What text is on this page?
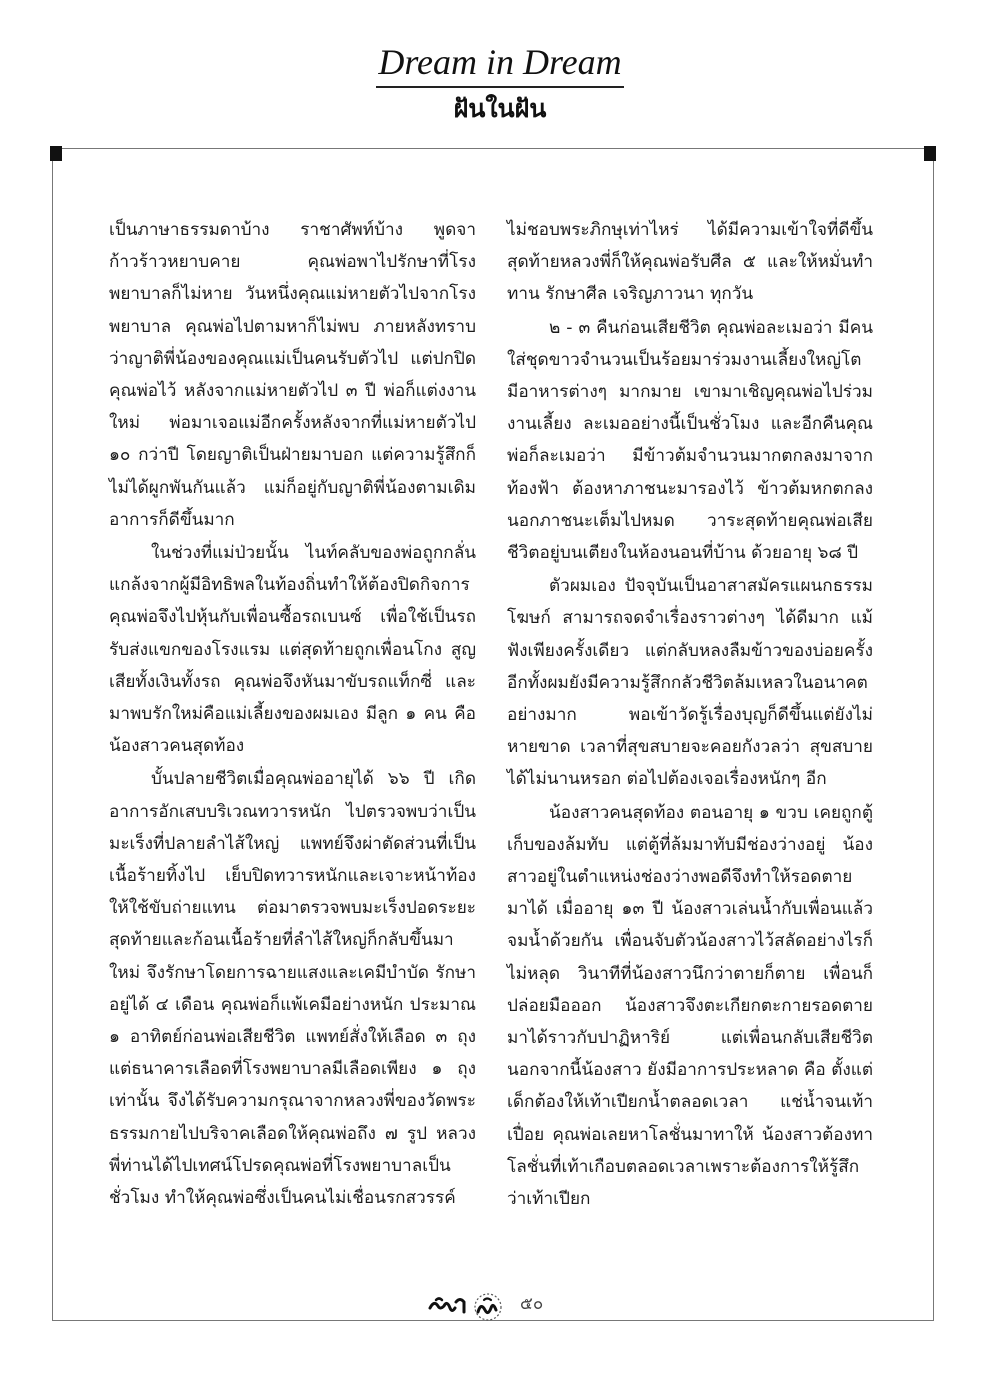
Dream in Dream
ฝันในฝัน

เป็นภาษาธรรมดาบ้าง ราชาศัพท์บ้าง พูดจาก้าวร้าวหยาบคาย คุณพ่อพาไปรักษาที่โรงพยาบาลก็ไม่หาย วันหนึ่งคุณแม่หายตัวไปจากโรงพยาบาล คุณพ่อไปตามหาก็ไม่พบ ภายหลังทราบว่าญาติพี่น้องของคุณแม่เป็นคนรับตัวไป แต่ปกปิดคุณพ่อไว้ หลังจากแม่หายตัวไป ๓ ปี พ่อก็แต่งงานใหม่ พ่อมาเจอแม่อีกครั้งหลังจากที่แม่หายตัวไป ๑๐ กว่าปี โดยญาติเป็นฝ่ายมาบอก แต่ความรู้สึกก็ไม่ได้ผูกพันกันแล้ว แม่ก็อยู่กับญาติพี่น้องตามเดิม อาการก็ดีขึ้นมาก

ในช่วงที่แม่ป่วยนั้น ไนท์คลับของพ่อถูกกลั่นแกล้งจากผู้มีอิทธิพลในท้องถิ่นทำให้ต้องปิดกิจการ คุณพ่อจึงไปหุ้นกับเพื่อนซื้อรถเบนซ์ เพื่อใช้เป็นรถรับส่งแขกของโรงแรม แต่สุดท้ายถูกเพื่อนโกง สูญเสียทั้งเงินทั้งรถ คุณพ่อจึงหันมาขับรถแท็กซี่ และมาพบรักใหม่คือแม่เลี้ยงของผมเอง มีลูก ๑ คน คือน้องสาวคนสุดท้อง

บั้นปลายชีวิตเมื่อคุณพ่ออายุได้ ๖๖ ปี เกิดอาการอักเสบบริเวณทวารหนัก ไปตรวจพบว่าเป็นมะเร็งที่ปลายลำไส้ใหญ่ แพทย์จึงผ่าตัดส่วนที่เป็นเนื้อร้ายทิ้งไป เย็บปิดทวารหนักและเจาะหน้าท้องให้ใช้ขับถ่ายแทน ต่อมาตรวจพบมะเร็งปอดระยะสุดท้ายและก้อนเนื้อร้ายที่ลำไส้ใหญ่ก็กลับขึ้นมาใหม่ จึงรักษาโดยการฉายแสงและเคมีบำบัด รักษาอยู่ได้ ๔ เดือน คุณพ่อก็แพ้เคมีอย่างหนัก ประมาณ ๑ อาทิตย์ก่อนพ่อเสียชีวิต แพทย์สั่งให้เลือด ๓ ถุง แต่ธนาคารเลือดที่โรงพยาบาลมีเลือดเพียง ๑ ถุงเท่านั้น จึงได้รับความกรุณาจากหลวงพี่ของวัดพระธรรมกายไปบริจาคเลือดให้คุณพ่อถึง ๗ รูป หลวงพี่ท่านได้ไปเทศน์โปรดคุณพ่อที่โรงพยาบาลเป็นชั่วโมง ทำให้คุณพ่อซึ่งเป็นคนไม่เชื่อนรกสวรรค์

ไม่ชอบพระภิกษุเท่าไหร่ ได้มีความเข้าใจที่ดีขึ้น สุดท้ายหลวงพี่ก็ให้คุณพ่อรับศีล ๕ และให้หมั่นทำทาน รักษาศีล เจริญภาวนา ทุกวัน

๒ - ๓ คืนก่อนเสียชีวิต คุณพ่อละเมอว่า มีคนใส่ชุดขาวจำนวนเป็นร้อยมาร่วมงานเลี้ยงใหญ่โต มีอาหารต่างๆ มากมาย เขามาเชิญคุณพ่อไปร่วมงานเลี้ยง ละเมออย่างนี้เป็นชั่วโมง และอีกคืนคุณพ่อก็ละเมอว่า มีข้าวต้มจำนวนมากตกลงมาจากท้องฟ้า ต้องหาภาชนะมารองไว้ ข้าวต้มหกตกลงนอกภาชนะเต็มไปหมด วาระสุดท้ายคุณพ่อเสียชีวิตอยู่บนเตียงในห้องนอนที่บ้าน ด้วยอายุ ๖๘ ปี

ตัวผมเอง ปัจจุบันเป็นอาสาสมัครแผนกธรรมโฆษก์ สามารถจดจำเรื่องราวต่างๆ ได้ดีมาก แม้ฟังเพียงครั้งเดียว แต่กลับหลงลืมข้าวของบ่อยครั้ง อีกทั้งผมยังมีความรู้สึกกลัวชีวิตล้มเหลวในอนาคตอย่างมาก พอเข้าวัดรู้เรื่องบุญก็ดีขึ้นแต่ยังไม่หายขาด เวลาที่สุขสบายจะคอยกังวลว่า สุขสบายได้ไม่นานหรอก ต่อไปต้องเจอเรื่องหนักๆ อีก

น้องสาวคนสุดท้อง ตอนอายุ ๑ ขวบ เคยถูกตู้เก็บของล้มทับ แต่ตู้ที่ล้มมาทับมีช่องว่างอยู่ น้องสาวอยู่ในตำแหน่งช่องว่างพอดีจึงทำให้รอดตายมาได้ เมื่ออายุ ๑๓ ปี น้องสาวเล่นน้ำกับเพื่อนแล้วจมน้ำด้วยกัน เพื่อนจับตัวน้องสาวไว้สลัดอย่างไรก็ไม่หลุด วินาทีที่น้องสาวนึกว่าตายก็ตาย เพื่อนก็ปล่อยมือออก น้องสาวจึงตะเกียกตะกายรอดตายมาได้ราวกับปาฏิหาริย์ แต่เพื่อนกลับเสียชีวิต นอกจากนี้น้องสาว ยังมีอาการประหลาด คือ ตั้งแต่เด็กต้องให้เท้าเปียกน้ำตลอดเวลา แช่น้ำจนเท้าเปื่อย คุณพ่อเลยหาโลชั่นมาทาให้ น้องสาวต้องทาโลชั่นที่เท้าเกือบตลอดเวลาเพราะต้องการให้รู้สึกว่าเท้าเปียก

๕๐
